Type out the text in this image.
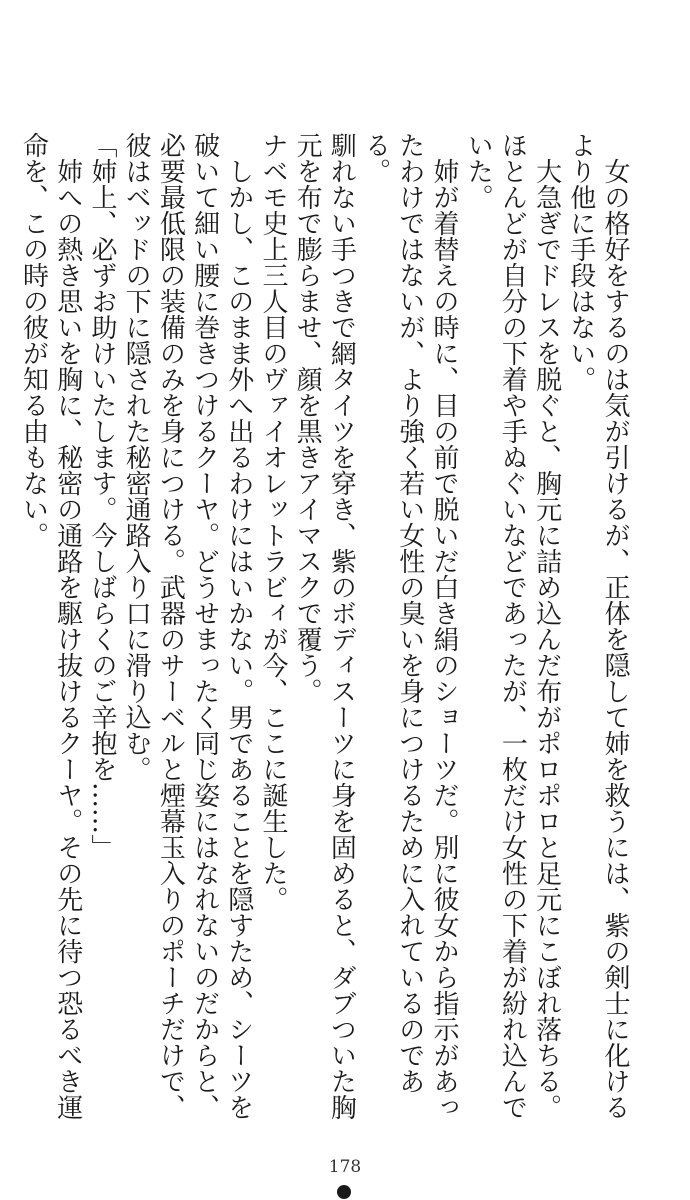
女の格好をするのは気が引けるが、正体を隠して姉を救うには、紫の剣士に化けるより他に手段はない。

大急ぎでドレスを脱ぐと、胸元に詰め込んだ布がポロポロと足元にこぼれ落ちる。ほとんどが自分の下着や手ぬぐいなどであったが、一枚だけ女性の下着が紛れ込んでいた。

姉が着替えの時に、目の前で脱いだ白き絹のショーツだ。別に彼女から指示があったわけではないが、より強く若い女性の臭いを身につけるために入れているのである。

馴れない手つきで網タイツを穿き、紫のボディスーツに身を固めると、ダブついた胸元を布で膨らませ、顔を黒きアイマスクで覆う。

ナベモ史上三人目のヴァイオレットラビィが今、ここに誕生した。

しかし、このまま外へ出るわけにはいかない。男であることを隠すため、シーツを破いて細い腰に巻きつけるクーヤ。どうせまったく同じ姿にはなれないのだからと、必要最低限の装備のみを身につける。武器のサーベルと煙幕玉入りのポーチだけで、彼はベッドの下に隠された秘密通路入り口に滑り込む。

「姉上、必ずお助けいたします。今しばらくのご辛抱を……」

姉への熱き思いを胸に、秘密の通路を駆け抜けるクーヤ。その先に待つ恐るべき運命を、この時の彼が知る由もない。

178
